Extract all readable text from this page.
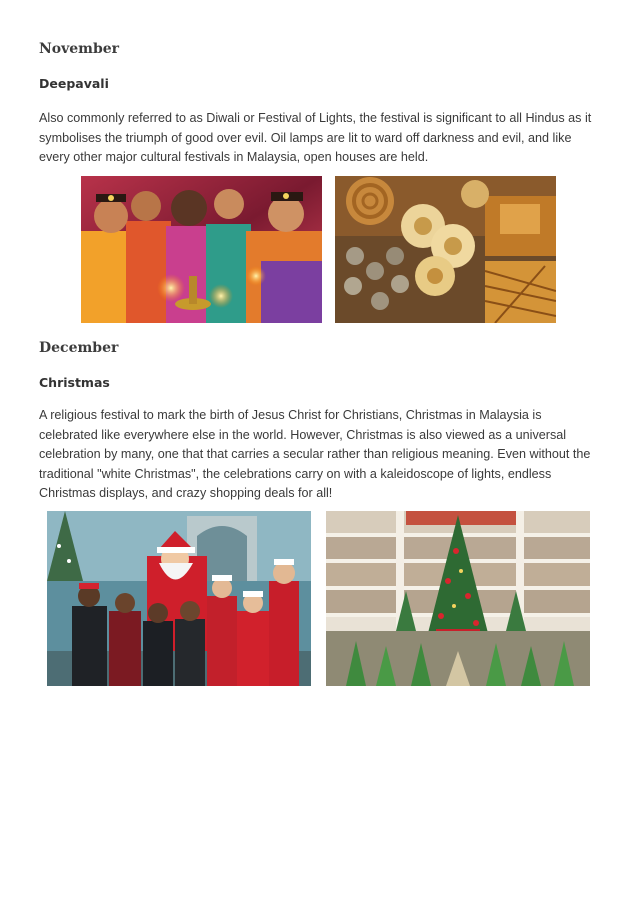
November
Deepavali

Also commonly referred to as Diwali or Festival of Lights, the festival is significant to all Hindus as it symbolises the triumph of good over evil. Oil lamps are lit to ward off darkness and evil, and like every other major cultural festivals in Malaysia, open houses are held.

December
Christmas

A religious festival to mark the birth of Jesus Christ for Christians, Christmas in Malaysia is celebrated like everywhere else in the world. However, Christmas is also viewed as a universal celebration by many, one that that carries a secular rather than religious meaning. Even without the traditional "white Christmas", the celebrations carry on with a kaleidoscope of lights, endless Christmas displays, and crazy shopping deals for all!
